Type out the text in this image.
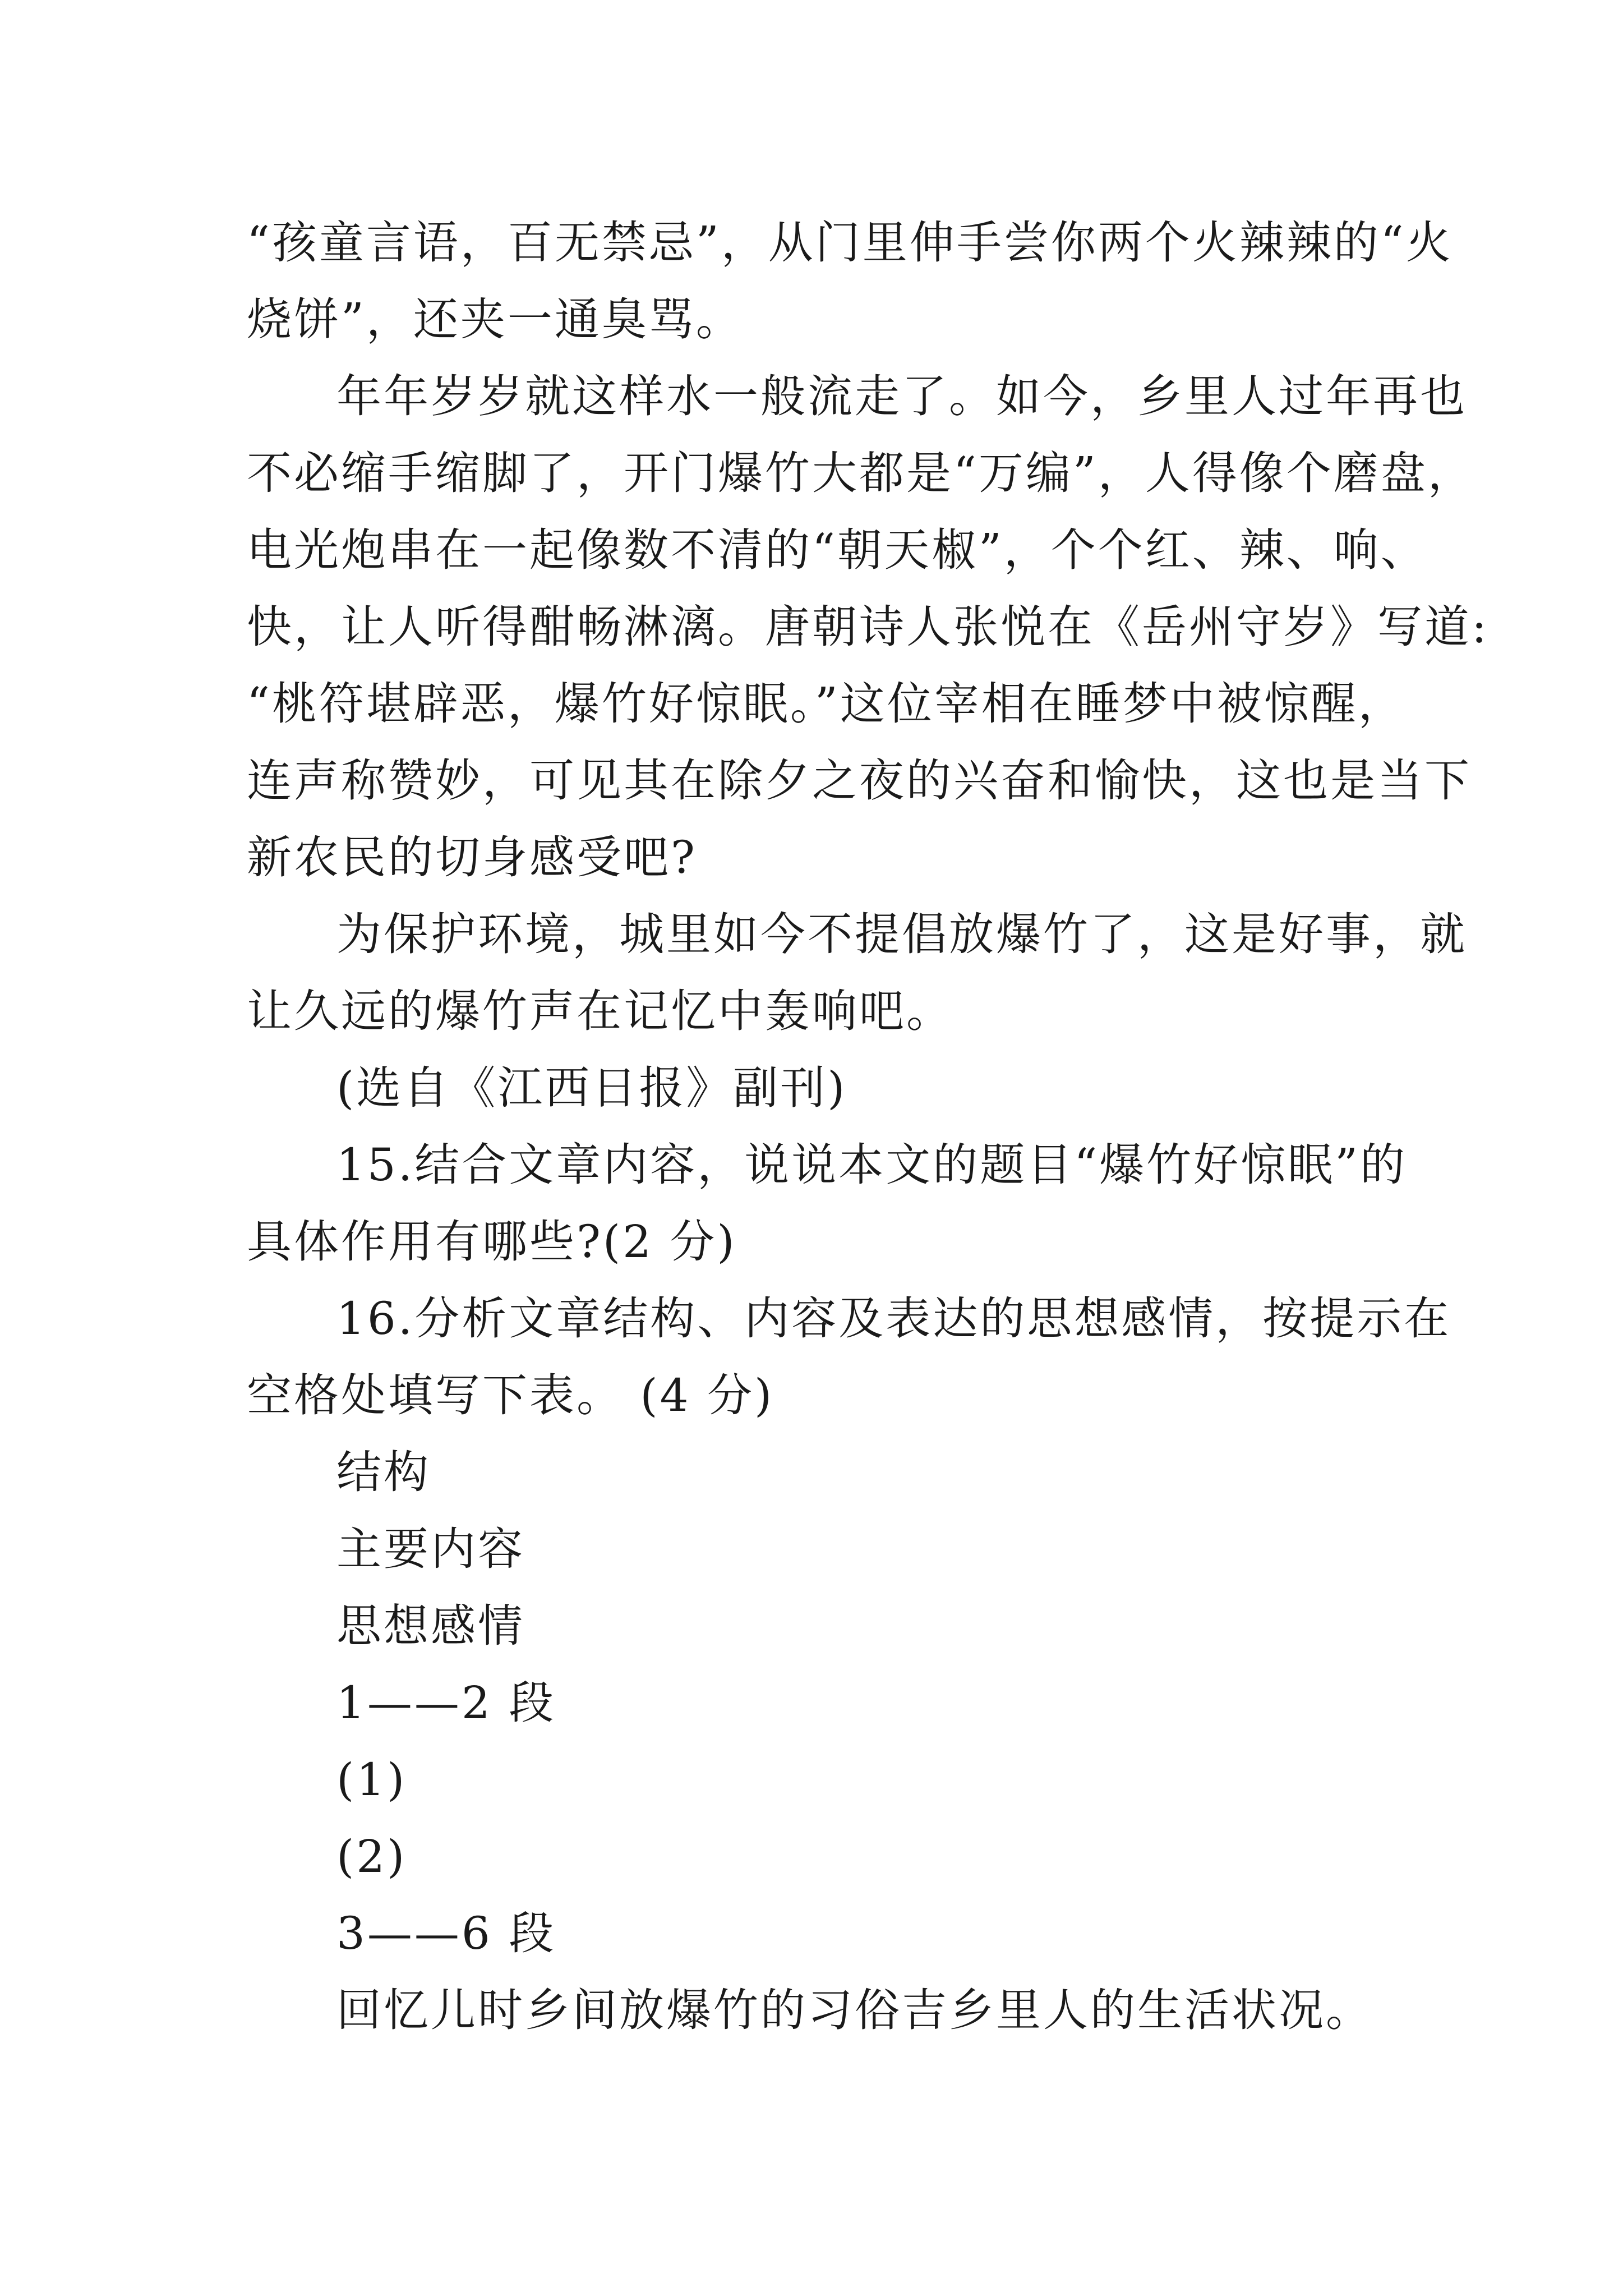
“孩童言语，百无禁忌”，从门里伸手尝你两个火辣辣的“火

烧饼”，还夹一通臭骂。

年年岁岁就这样水一般流走了。如今，乡里人过年再也

不必缩手缩脚了，开门爆竹大都是“万编”，人得像个磨盘，

电光炮串在一起像数不清的“朝天椒”，个个红、辣、响、

快，让人听得酣畅淋漓。唐朝诗人张悦在《岳州守岁》写道:

“桃符堪辟恶，爆竹好惊眠。”这位宰相在睡梦中被惊醒，

连声称赞妙，可见其在除夕之夜的兴奋和愉快，这也是当下

新农民的切身感受吧?

为保护环境，城里如今不提倡放爆竹了，这是好事，就

让久远的爆竹声在记忆中轰响吧。

(选自《江西日报》副刊)

15.结合文章内容，说说本文的题目“爆竹好惊眠”的

具体作用有哪些?(2 分)

16.分析文章结构、内容及表达的思想感情，按提示在

空格处填写下表。 (4 分)

结构

主要内容

思想感情

1——2 段

(1)

(2)

3——6 段

回忆儿时乡间放爆竹的习俗吉乡里人的生活状况。
